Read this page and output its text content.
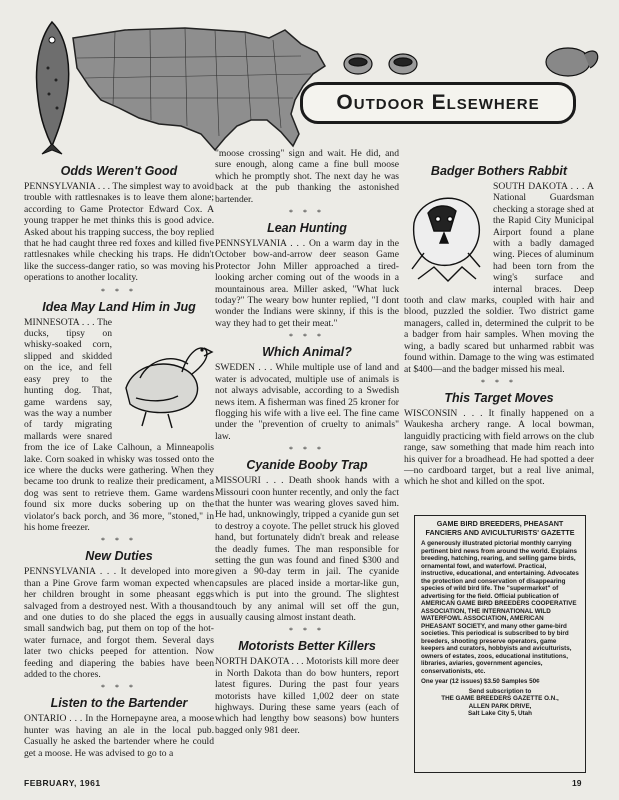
Outdoor Elsewhere
Odds Weren't Good

PENNSYLVANIA . . . The simplest way to avoid trouble with rattlesnakes is to leave them alone; according to Game Protector Edward Cox. A young trapper he met thinks this is good advice. Asked about his trapping success, the boy replied that he had caught three red foxes and killed five rattlesnakes while checking his traps. He didn't like the success-danger ratio, so was moving his operations to another locality.

* * *
Idea May Land Him in Jug

MINNESOTA . . . The ducks, tipsy on whisky-soaked corn, slipped and skidded on the ice, and fell easy prey to the hunting dog. That, game wardens say, was the way a number of tardy migrating mallards were snared from the ice of Lake Calhoun, a Minneapolis lake. Corn soaked in whisky was tossed onto the ice where the ducks were gathering. When they became too drunk to realize their predicament, a dog was sent to retrieve them. Game wardens found six more ducks sobering up on the violator's back porch, and 36 more, "stoned," in his home freezer.

* * *
New Duties

PENNSYLVANIA . . . It developed into more than a Pine Grove farm woman expected when her children brought in some pheasant eggs salvaged from a destroyed nest. With a thousand and one duties to do she placed the eggs in a small sandwich bag, put them on top of the hot-water furnace, and forgot them. Several days later two chicks peeped for attention. Now feeding and diapering the babies have been added to the chores.

* * *
Listen to the Bartender

ONTARIO . . . In the Hornepayne area, a moose hunter was having an ale in the local pub. Casually he asked the bartender where he could get a moose. He was advised to go to a

"moose crossing" sign and wait. He did, and sure enough, along came a fine bull moose which he promptly shot. The next day he was back at the pub thanking the astonished bartender.

* * *
Lean Hunting

PENNSYLVANIA . . . On a warm day in the October bow-and-arrow deer season Game Protector John Miller approached a tired-looking archer coming out of the woods in a mountainous area. Miller asked, "What luck today?" The weary bow hunter replied, "I dont wonder the Indians were skinny, if this is the way they had to get their meat."

* * *
Which Animal?

SWEDEN . . . While multiple use of land and water is advocated, multiple use of animals is not always advisable, according to a Swedish news item. A fisherman was fined 25 kroner for flogging his wife with a live eel. The fine came under the "prevention of cruelty to animals" law.

* * *
Cyanide Booby Trap

MISSOURI . . . Death shook hands with a Missouri coon hunter recently, and only the fact that the hunter was wearing gloves saved him. He had, unknowingly, tripped a cyanide gun set to destroy a coyote. The pellet struck his gloved hand, but fortunately didn't break and release the deadly fumes. The man responsible for setting the gun was found and fined $300 and given a 90-day term in jail. The cyanide capsules are placed inside a mortar-like gun, which is put into the ground. The slightest touch by any animal will set off the gun, usually causing almost instant death.

* * *
Motorists Better Killers

NORTH DAKOTA . . . Motorists kill more deer in North Dakota than do bow hunters, report latest figures. During the past four years motorists have killed 1,002 deer on state highways. During these same years (each of which had lengthy bow seasons) bow hunters bagged only 981 deer.

Badger Bothers Rabbit

SOUTH DAKOTA . . . A National Guardsman checking a storage shed at the Rapid City Municipal Airport found a plane with a badly damaged wing. Pieces of aluminum had been torn from the wing's surface and internal braces. Deep tooth and claw marks, coupled with hair and blood, puzzled the soldier. Two district game managers, called in, determined the culprit to be a badger from hair samples. When moving the wing, a badly scared but unharmed rabbit was found within. Damage to the wing was estimated at $400—and the badger missed his meal.

* * *
This Target Moves

WISCONSIN . . . It finally happened on a Waukesha archery range. A local bowman, languidly practicing with field arrows on the club range, saw something that made him reach into his quiver for a broadhead. He had spotted a deer—no cardboard target, but a real live animal, which he shot and killed on the spot.

GAME BIRD BREEDERS, PHEASANT FANCIERS AND AVICULTURISTS' GAZETTE
A generously illustrated pictorial monthly carrying pertinent bird news from around the world. Explains breeding, hatching, rearing, and selling game birds, ornamental fowl, and waterfowl. Practical, instructive, educational, and entertaining. Advocates the protection and conservation of disappearing species of wild bird life. The "supermarket" of advertising for the field. Official publication of AMERICAN GAME BIRD BREEDERS COOPERATIVE ASSOCIATION, THE INTERNATIONAL WILD WATERFOWL ASSOCIATION, AMERICAN PHEASANT SOCIETY, and many other game-bird societies. This periodical is subscribed to by bird breeders, shooting preserve operators, game keepers and curators, hobbyists and aviculturists, owners of estates, zoos, educational institutions, libraries, aviaries, government agencies, conservationists, etc.
One year (12 issues) $3.50 Samples 50¢
Send subscription to
THE GAME BREEDERS GAZETTE O.N.,
ALLEN PARK DRIVE,
Salt Lake City 5, Utah
FEBRUARY, 1961	19
